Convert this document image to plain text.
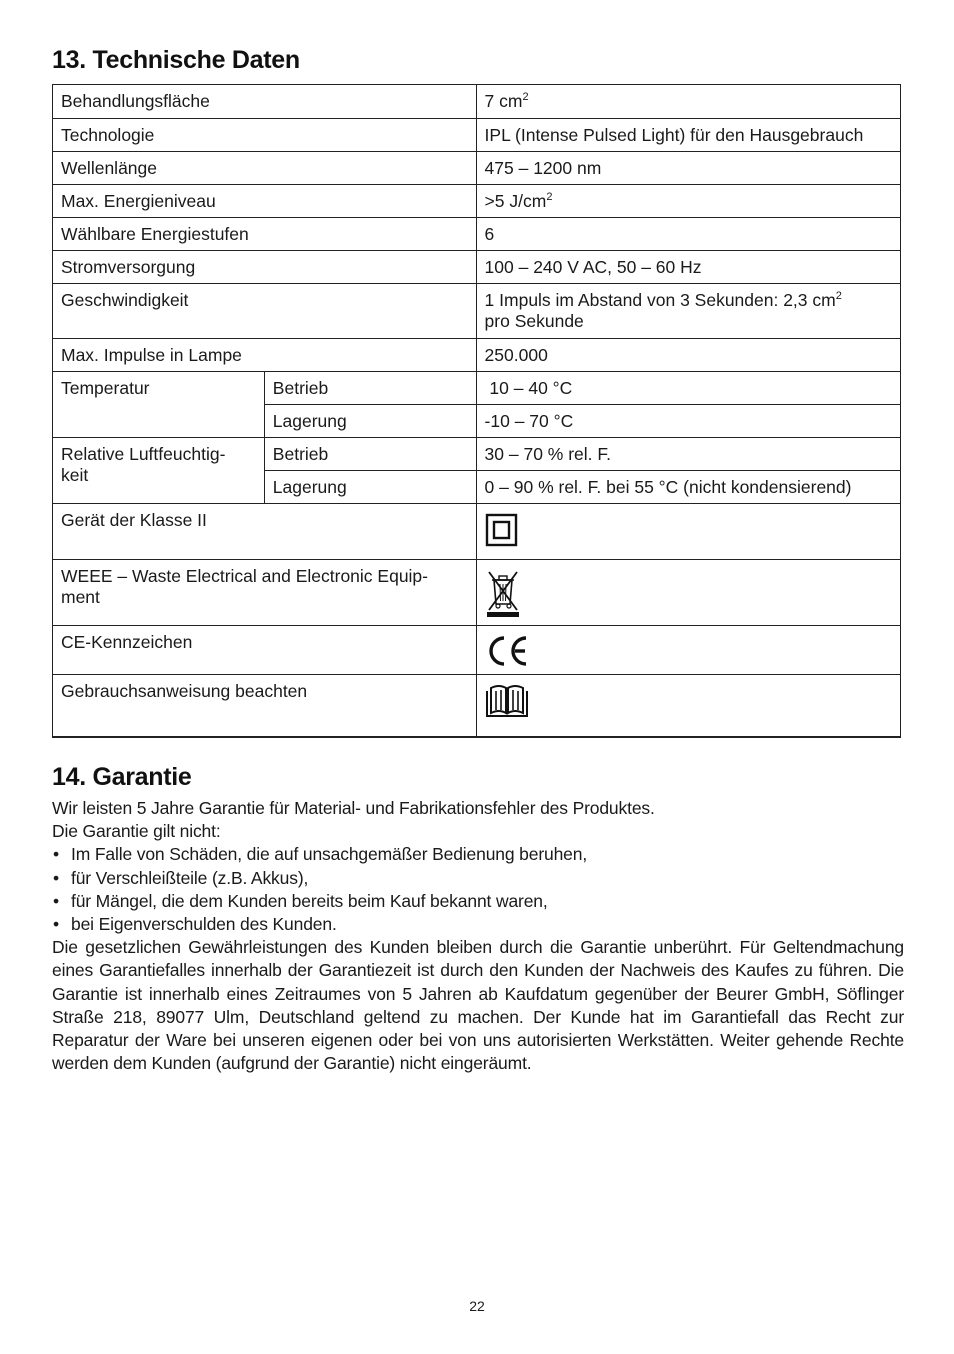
13. Technische Daten
Behandlungsfläche		7 $cm^2$
Technologie		IPL (Intense Pulsed Light) für den Hausgebrauch
Wellenlänge		475 – 1200 nm
Max. Energieniveau		>5 $J/cm^2$
Wählbare Energiestufen		6
Stromversorgung		100 – 240 V AC, 50 – 60 Hz
Geschwindigkeit		1 Impuls im Abstand von 3 Sekunden: 2,3 $cm^2$
pro Sekunde
Max. Impulse in Lampe		250.000
Temperatur	Betrieb	10 – 40 °C
	Lagerung	-10 – 70 °C
Relative Luftfeuchtig-
keit	Betrieb	30 – 70 % rel. F.
	Lagerung	0 – 90 % rel. F. bei 55 °C (nicht kondensierend)
Gerät der Klasse II	

WEEE – Waste Electrical and Electronic Equip-
ment	

CE-Kennzeichen	

Gebrauchsanweisung beachten	
14. Garantie

Wir leisten 5 Jahre Garantie für Material- und Fabrikationsfehler des Produktes.

Die Garantie gilt nicht:

• Im Falle von Schäden, die auf unsachgemäßer Bedienung beruhen,
• für Verschleißteile (z.B. Akkus),
• für Mängel, die dem Kunden bereits beim Kauf bekannt waren,
• bei Eigenverschulden des Kunden.

Die gesetzlichen Gewährleistungen des Kunden bleiben durch die Garantie unberührt. Für Geltendmachung eines Garantiefalles innerhalb der Garantiezeit ist durch den Kunden der Nachweis des Kaufes zu führen. Die Garantie ist innerhalb eines Zeitraumes von 5 Jahren ab Kaufdatum gegenüber der Beurer GmbH, Söflinger Straße 218, 89077 Ulm, Deutschland geltend zu machen. Der Kunde hat im Garantiefall das Recht zur Reparatur der Ware bei unseren eigenen oder bei von uns autorisierten Werkstätten. Weiter gehende Rechte werden dem Kunden (aufgrund der Garantie) nicht eingeräumt.

22
